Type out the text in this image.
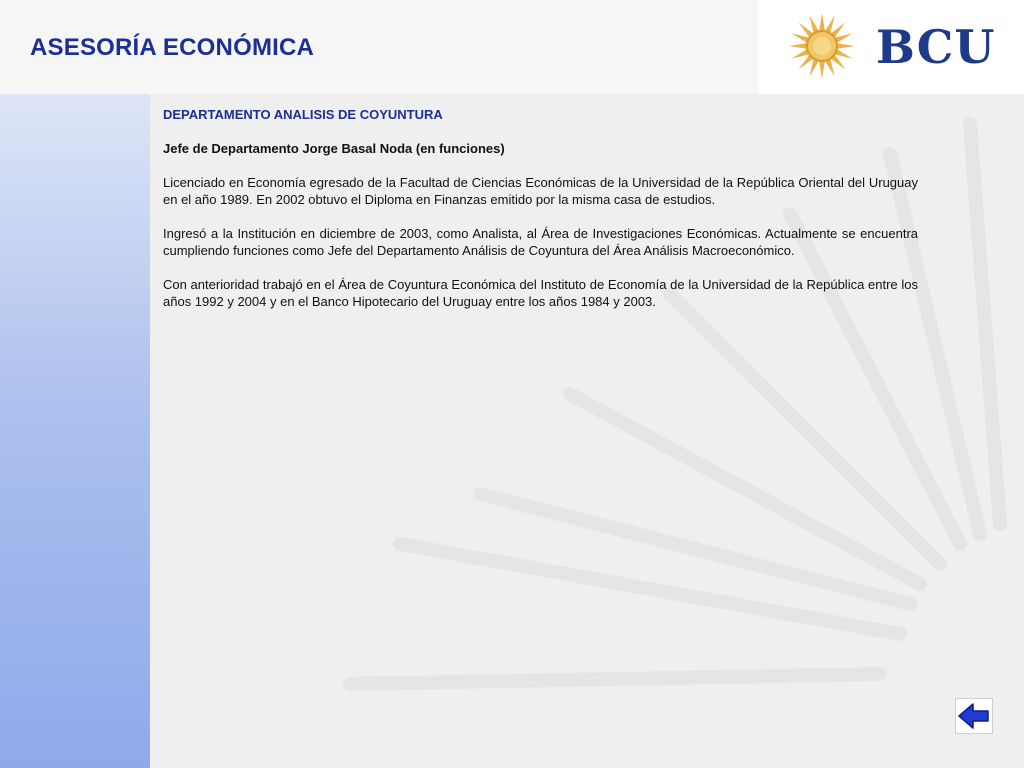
ASESORÍA ECONÓMICA	BCU

DEPARTAMENTO ANALISIS DE COYUNTURA

Jefe de Departamento Jorge Basal Noda (en funciones)

Licenciado en Economía egresado de la Facultad de Ciencias Económicas de la Universidad de la República Oriental del Uruguay en el año 1989. En 2002 obtuvo el Diploma en Finanzas emitido por la misma casa de estudios.

Ingresó a la Institución en diciembre de 2003, como Analista, al Área de Investigaciones Económicas. Actualmente se encuentra cumpliendo funciones como Jefe del Departamento Análisis de Coyuntura del Área Análisis Macroeconómico.

Con anterioridad trabajó en el Área de Coyuntura Económica del Instituto de Economía de la Universidad de la República entre los años 1992 y 2004 y en el Banco Hipotecario del Uruguay entre los años 1984 y 2003.
